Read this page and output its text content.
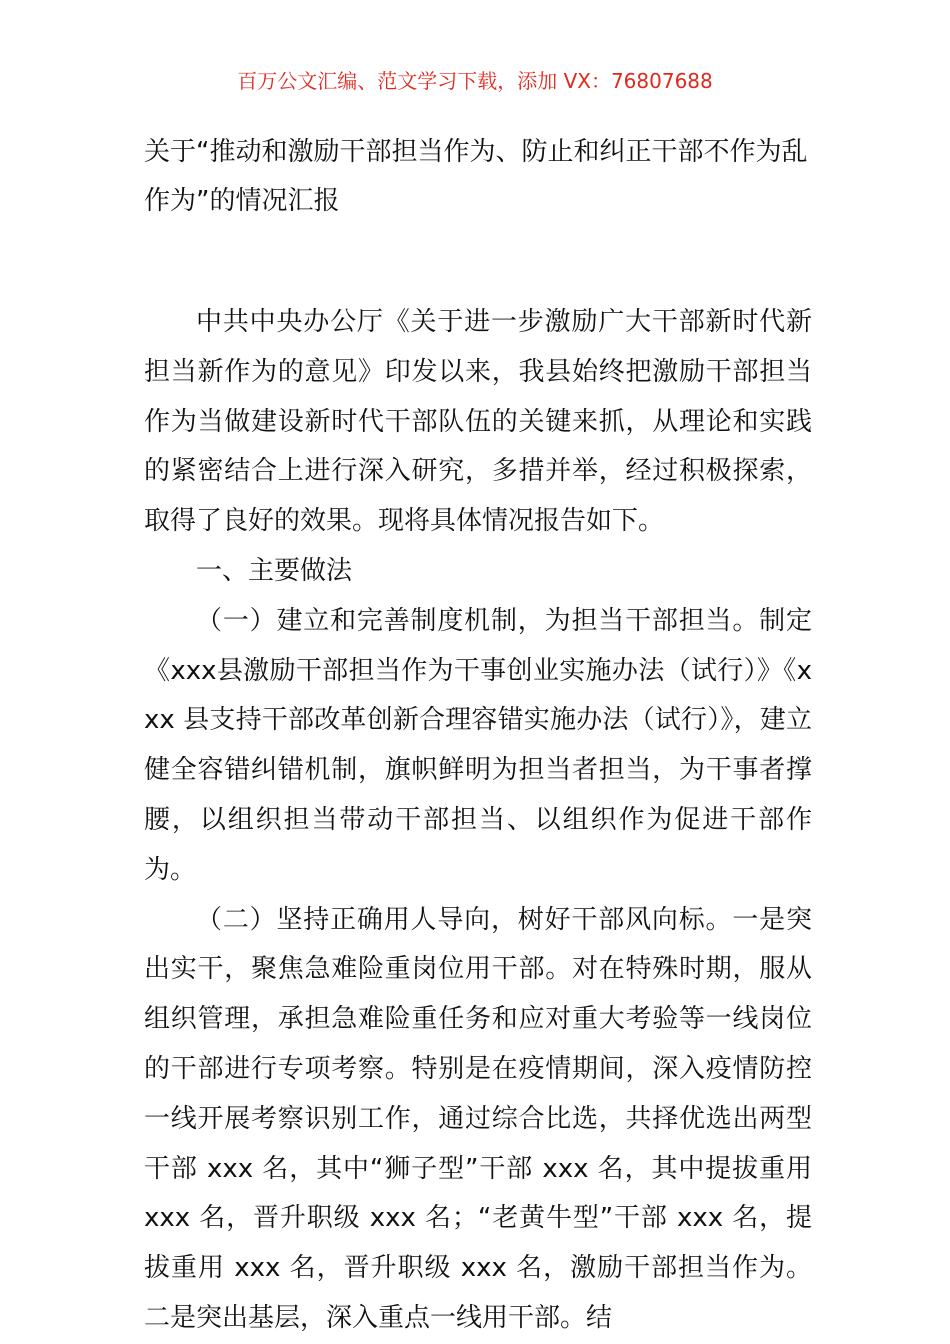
百万公文汇编、范文学习下载，添加 VX：76807688
关于“推动和激励干部担当作为、防止和纠正干部不作为乱作为”的情况汇报

中共中央办公厅《关于进一步激励广大干部新时代新担当新作为的意见》印发以来，我县始终把激励干部担当作为当做建设新时代干部队伍的关键来抓，从理论和实践的紧密结合上进行深入研究，多措并举，经过积极探索，取得了良好的效果。现将具体情况报告如下。

一、主要做法

（一）建立和完善制度机制，为担当干部担当。制定《xxx县激励干部担当作为干事创业实施办法（试行）》《xxx 县支持干部改革创新合理容错实施办法（试行）》，建立健全容错纠错机制，旗帜鲜明为担当者担当，为干事者撑腰，以组织担当带动干部担当、以组织作为促进干部作为。

（二）坚持正确用人导向，树好干部风向标。一是突出实干，聚焦急难险重岗位用干部。对在特殊时期，服从组织管理，承担急难险重任务和应对重大考验等一线岗位的干部进行专项考察。特别是在疫情期间，深入疫情防控一线开展考察识别工作，通过综合比选，共择优选出两型干部 xxx 名，其中“狮子型”干部 xxx 名，其中提拔重用 xxx 名，晋升职级 xxx 名；“老黄牛型”干部 xxx 名，提拔重用 xxx 名，晋升职级 xxx 名，激励干部担当作为。二是突出基层，深入重点一线用干部。结
